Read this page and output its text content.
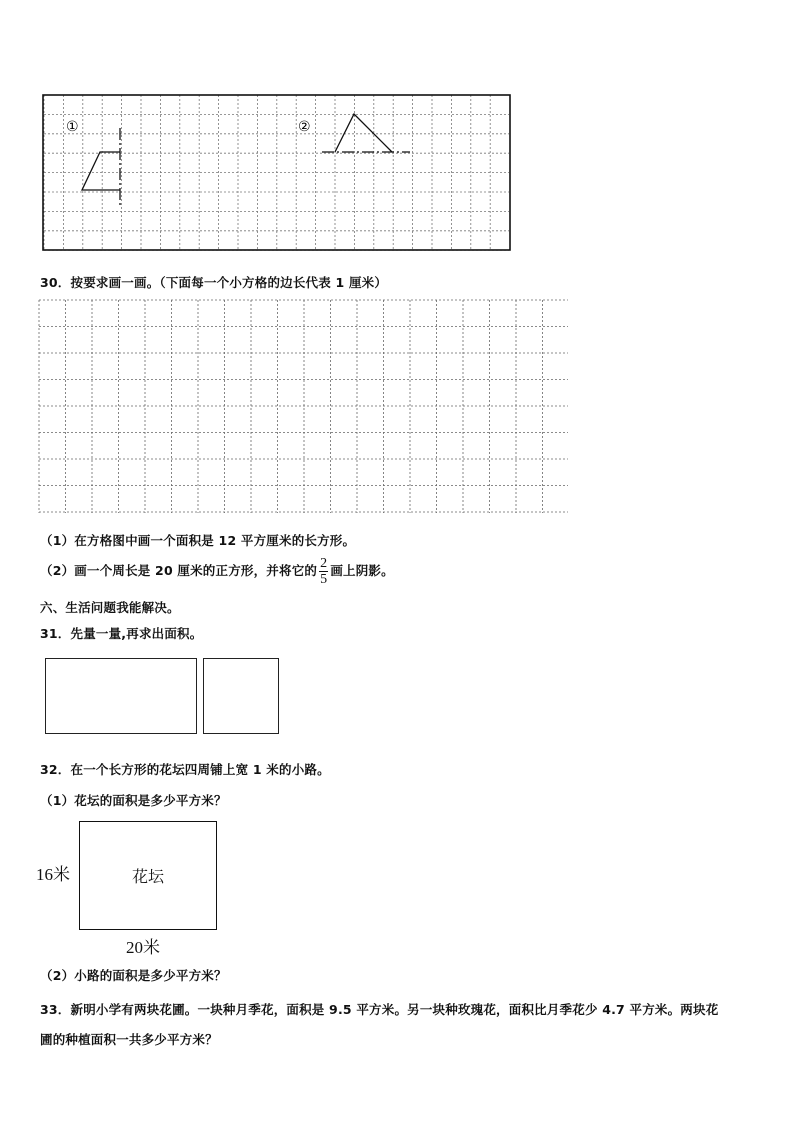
①	②
30．按要求画一画。（下面每一个小方格的边长代表 1 厘米）
（1）在方格图中画一个面积是 12 平方厘米的长方形。
（2）画一个周长是 20 厘米的正方形，并将它的 $\frac{2}{5}$ 画上阴影。
六、生活问题我能解决。
31．先量一量,再求出面积。
32．在一个长方形的花坛四周铺上宽 1 米的小路。
（1）花坛的面积是多少平方米？
16米	花坛
20米
（2）小路的面积是多少平方米？
33．新明小学有两块花圃。一块种月季花，面积是 9.5 平方米。另一块种玫瑰花，面积比月季花少 4.7 平方米。两块花
圃的种植面积一共多少平方米？
